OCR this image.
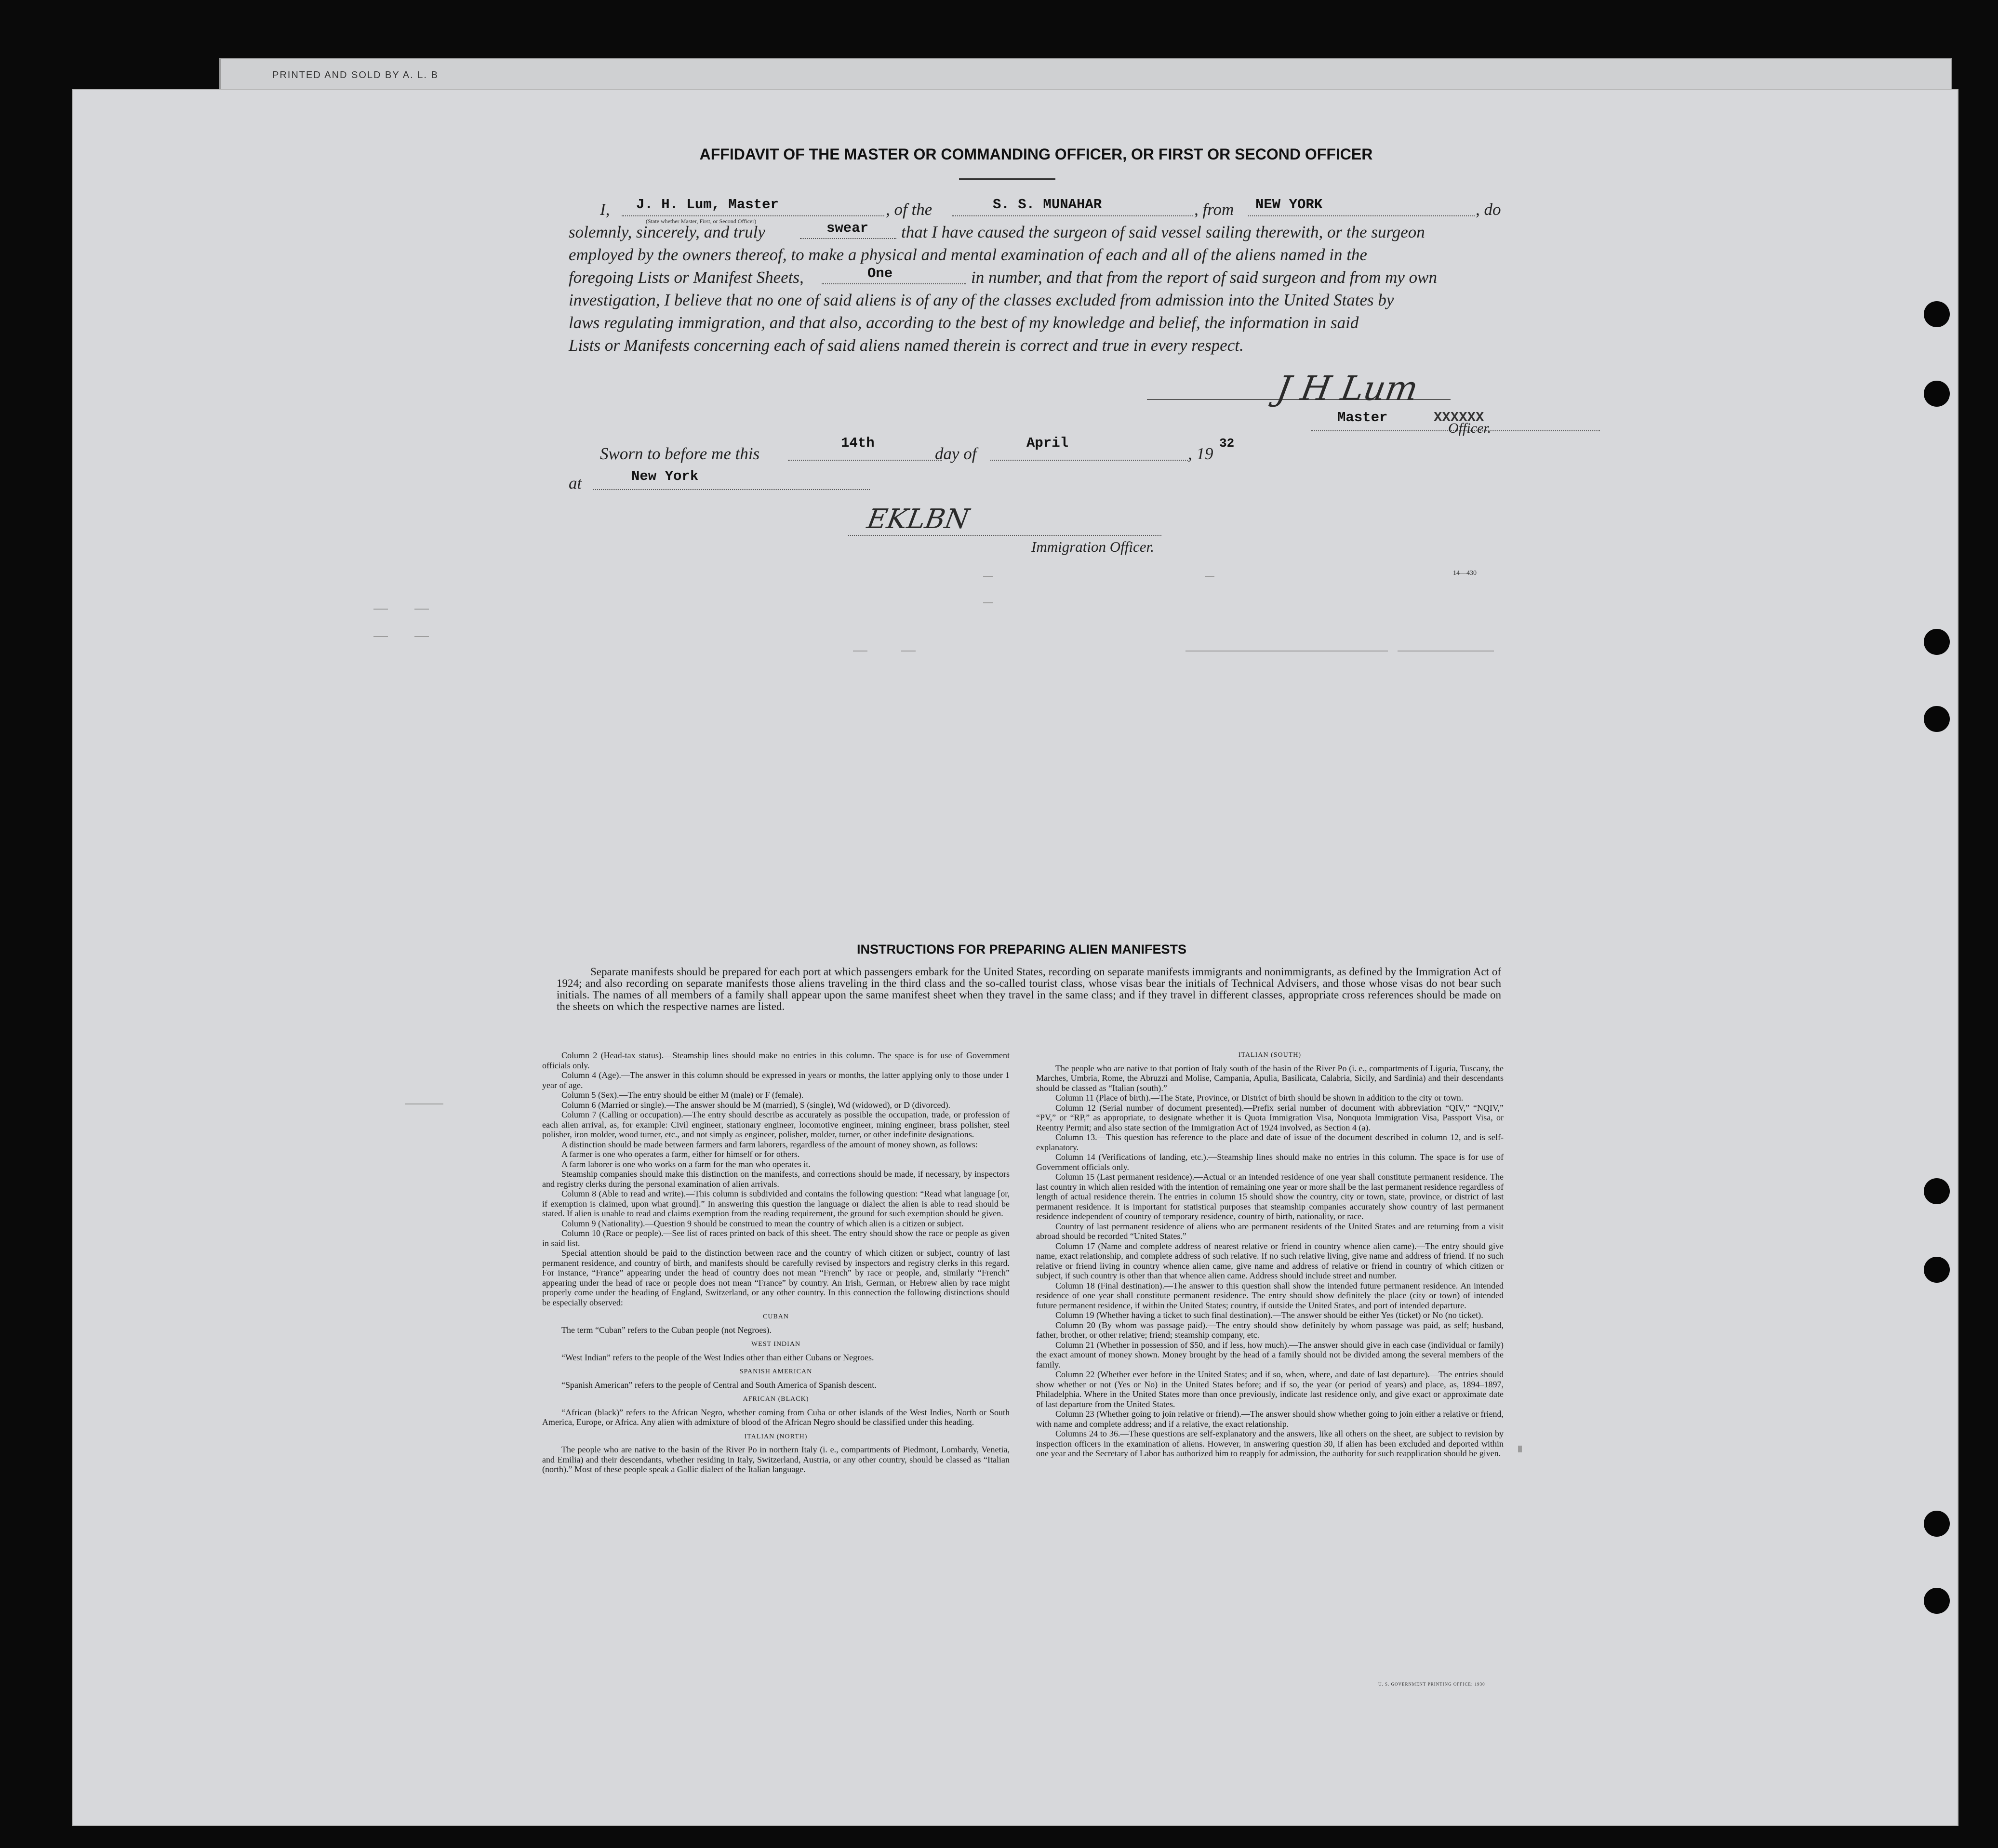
PRINTED AND SOLD BY A. L. B
AFFIDAVIT OF THE MASTER OR COMMANDING OFFICER, OR FIRST OR SECOND OFFICER
I, J. H. Lum, Master
(State whether Master, First, or Second Officer)
, of the	S. S. MUNAHAR	, from NEW YORK	, do
solemnly, sincerely, and truly	swear that I have caused the surgeon of said vessel sailing therewith, or the surgeon
employed by the owners thereof, to make a physical and mental examination of each and all of the aliens named in the
foregoing Lists or Manifest Sheets,	One	in number, and that from the report of said surgeon and from my own
investigation, I believe that no one of said aliens is of any of the classes excluded from admission into the United States by
laws regulating immigration, and that also, according to the best of my knowledge and belief, the information in said
Lists or Manifests concerning each of said aliens named therein is correct and true in every respect.
J H Lum
Master	XXXXXX
Officer.
Sworn to before me this
14th
day of
April
, 19
32
at	New York
EKLBN
Immigration Officer.
14—430
INSTRUCTIONS FOR PREPARING ALIEN MANIFESTS
Separate manifests should be prepared for each port at which passengers embark for the United States, recording on separate manifests immigrants and nonimmigrants, as defined by the Immigration Act of 1924; and also recording on separate manifests those aliens traveling in the third class and the so-called tourist class, whose visas bear the initials of Technical Advisers, and those whose visas do not bear such initials. The names of all members of a family shall appear upon the same manifest sheet when they travel in the same class; and if they travel in different classes, appropriate cross references should be made on the sheets on which the respective names are listed.

Column 2 (Head-tax status).—Steamship lines should make no entries in this column. The space is for use of Government officials only.

Column 4 (Age).—The answer in this column should be expressed in years or months, the latter applying only to those under 1 year of age.

Column 5 (Sex).—The entry should be either M (male) or F (female).

Column 6 (Married or single).—The answer should be M (married), S (single), Wd (widowed), or D (divorced).

Column 7 (Calling or occupation).—The entry should describe as accurately as possible the occupation, trade, or profession of each alien arrival, as, for example: Civil engineer, stationary engineer, locomotive engineer, mining engineer, brass polisher, steel polisher, iron molder, wood turner, etc., and not simply as engineer, polisher, molder, turner, or other indefinite designations.

A distinction should be made between farmers and farm laborers, regardless of the amount of money shown, as follows:

A farmer is one who operates a farm, either for himself or for others.

A farm laborer is one who works on a farm for the man who operates it.

Steamship companies should make this distinction on the manifests, and corrections should be made, if necessary, by inspectors and registry clerks during the personal examination of alien arrivals.

Column 8 (Able to read and write).—This column is subdivided and contains the following question: “Read what language [or, if exemption is claimed, upon what ground].” In answering this question the language or dialect the alien is able to read should be stated. If alien is unable to read and claims exemption from the reading requirement, the ground for such exemption should be given.

Column 9 (Nationality).—Question 9 should be construed to mean the country of which alien is a citizen or subject.

Column 10 (Race or people).—See list of races printed on back of this sheet. The entry should show the race or people as given in said list.

Special attention should be paid to the distinction between race and the country of which citizen or subject, country of last permanent residence, and country of birth, and manifests should be carefully revised by inspectors and registry clerks in this regard. For instance, “France” appearing under the head of country does not mean “French” by race or people, and, similarly “French” appearing under the head of race or people does not mean “France” by country. An Irish, German, or Hebrew alien by race might properly come under the heading of England, Switzerland, or any other country. In this connection the following distinctions should be especially observed:

CUBAN

The term “Cuban” refers to the Cuban people (not Negroes).

WEST INDIAN

“West Indian” refers to the people of the West Indies other than either Cubans or Negroes.

SPANISH AMERICAN

“Spanish American” refers to the people of Central and South America of Spanish descent.

AFRICAN (BLACK)

“African (black)” refers to the African Negro, whether coming from Cuba or other islands of the West Indies, North or South America, Europe, or Africa. Any alien with admixture of blood of the African Negro should be classified under this heading.

ITALIAN (NORTH)

The people who are native to the basin of the River Po in northern Italy (i. e., compartments of Piedmont, Lombardy, Venetia, and Emilia) and their descendants, whether residing in Italy, Switzerland, Austria, or any other country, should be classed as “Italian (north).” Most of these people speak a Gallic dialect of the Italian language.

ITALIAN (SOUTH)

The people who are native to that portion of Italy south of the basin of the River Po (i. e., compartments of Liguria, Tuscany, the Marches, Umbria, Rome, the Abruzzi and Molise, Campania, Apulia, Basilicata, Calabria, Sicily, and Sardinia) and their descendants should be classed as “Italian (south).”

Column 11 (Place of birth).—The State, Province, or District of birth should be shown in addition to the city or town.

Column 12 (Serial number of document presented).—Prefix serial number of document with abbreviation “QIV,” “NQIV,” “PV,” or “RP,” as appropriate, to designate whether it is Quota Immigration Visa, Nonquota Immigration Visa, Passport Visa, or Reentry Permit; and also state section of the Immigration Act of 1924 involved, as Section 4 (a).

Column 13.—This question has reference to the place and date of issue of the document described in column 12, and is self-explanatory.

Column 14 (Verifications of landing, etc.).—Steamship lines should make no entries in this column. The space is for use of Government officials only.

Column 15 (Last permanent residence).—Actual or an intended residence of one year shall constitute permanent residence. The last country in which alien resided with the intention of remaining one year or more shall be the last permanent residence regardless of length of actual residence therein. The entries in column 15 should show the country, city or town, state, province, or district of last permanent residence. It is important for statistical purposes that steamship companies accurately show country of last permanent residence independent of country of temporary residence, country of birth, nationality, or race.

Country of last permanent residence of aliens who are permanent residents of the United States and are returning from a visit abroad should be recorded “United States.”

Column 17 (Name and complete address of nearest relative or friend in country whence alien came).—The entry should give name, exact relationship, and complete address of such relative. If no such relative living, give name and address of friend. If no such relative or friend living in country whence alien came, give name and address of relative or friend in country of which citizen or subject, if such country is other than that whence alien came. Address should include street and number.

Column 18 (Final destination).—The answer to this question shall show the intended future permanent residence. An intended residence of one year shall constitute permanent residence. The entry should show definitely the place (city or town) of intended future permanent residence, if within the United States; country, if outside the United States, and port of intended departure.

Column 19 (Whether having a ticket to such final destination).—The answer should be either Yes (ticket) or No (no ticket).

Column 20 (By whom was passage paid).—The entry should show definitely by whom passage was paid, as self; husband, father, brother, or other relative; friend; steamship company, etc.

Column 21 (Whether in possession of $50, and if less, how much).—The answer should give in each case (individual or family) the exact amount of money shown. Money brought by the head of a family should not be divided among the several members of the family.

Column 22 (Whether ever before in the United States; and if so, when, where, and date of last departure).—The entries should show whether or not (Yes or No) in the United States before; and if so, the year (or period of years) and place, as, 1894–1897, Philadelphia. Where in the United States more than once previously, indicate last residence only, and give exact or approximate date of last departure from the United States.

Column 23 (Whether going to join relative or friend).—The answer should show whether going to join either a relative or friend, with name and complete address; and if a relative, the exact relationship.

Columns 24 to 36.—These questions are self-explanatory and the answers, like all others on the sheet, are subject to revision by inspection officers in the examination of aliens. However, in answering question 30, if alien has been excluded and deported within one year and the Secretary of Labor has authorized him to reapply for admission, the authority for such reapplication should be given.

U. S. GOVERNMENT PRINTING OFFICE: 1930
